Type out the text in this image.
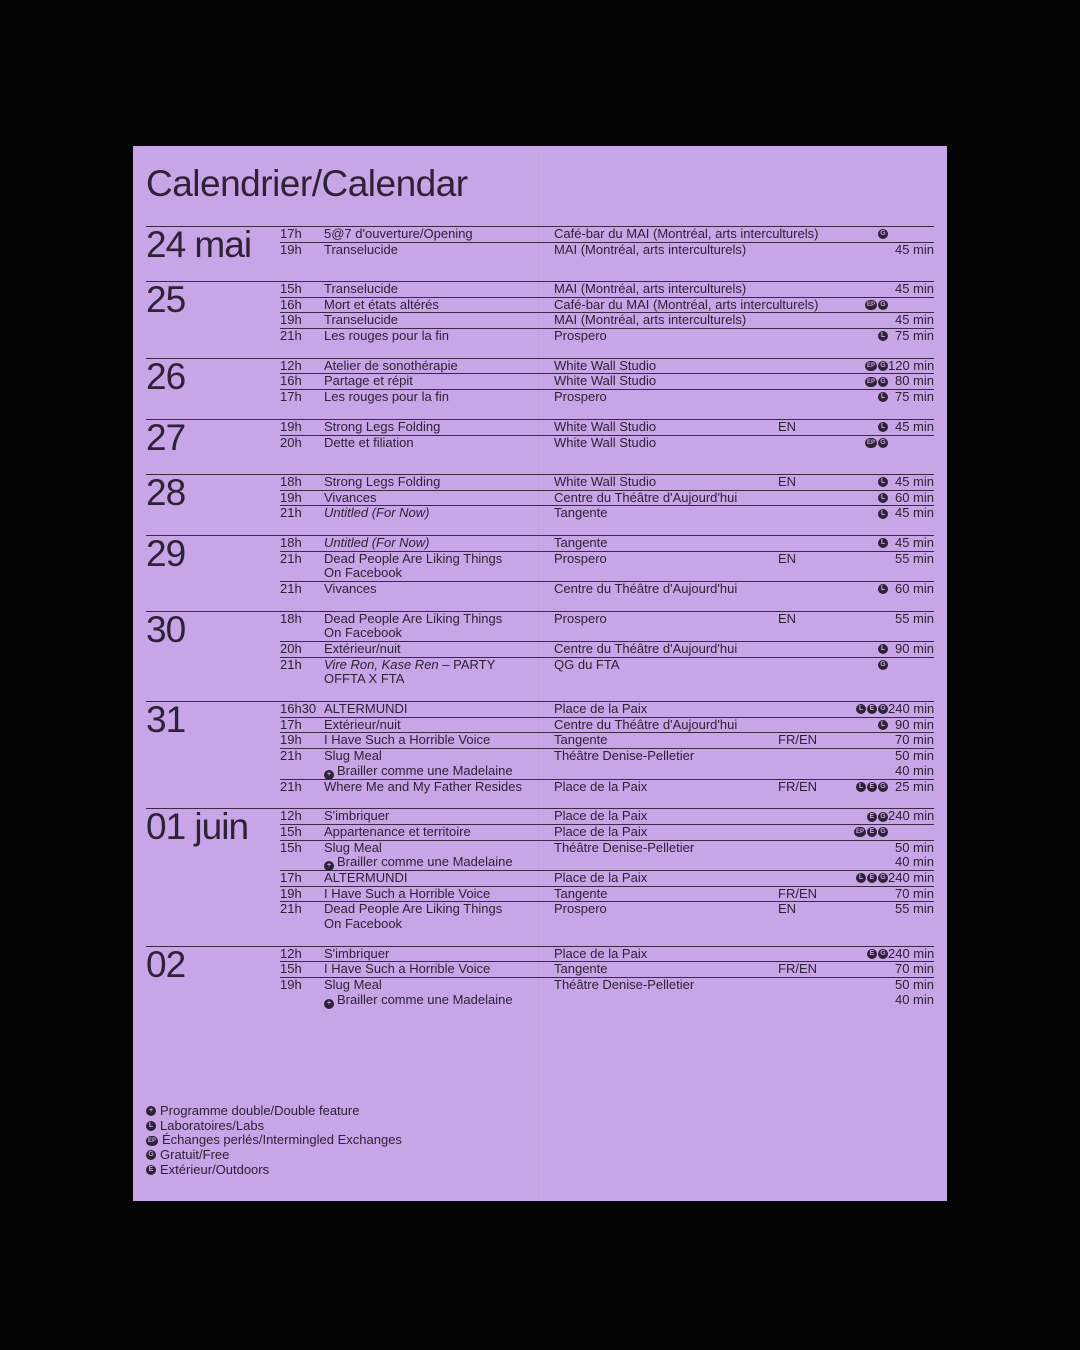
Calendrier/Calendar
24 mai 17h	5@7 d'ouverture/Opening	Café-bar du MAI (Montréal, arts interculturels)	G
19h	Transelucide	MAI (Montréal, arts interculturels)	45 min
25	15h	Transelucide	MAI (Montréal, arts interculturels)	45 min
16h	Mort et états altérés	Café-bar du MAI (Montréal, arts interculturels)	EP G
19h	Transelucide	MAI (Montréal, arts interculturels)	45 min
21h	Les rouges pour la fin	Prospero	L 75 min
26	12h	Atelier de sonothérapie	White Wall Studio	EP G 120 min
16h	Partage et répit	White Wall Studio	EP G 80 min
17h	Les rouges pour la fin	Prospero	L 75 min
27	19h	Strong Legs Folding	White Wall Studio	EN	L 45 min
20h	Dette et filiation	White Wall Studio	EP G
28	18h	Strong Legs Folding	White Wall Studio	EN	L 45 min
19h	Vivances	Centre du Théâtre d'Aujourd'hui	L 60 min
21h	Untitled (For Now)	Tangente	L 45 min
29	18h	Untitled (For Now)	Tangente	L 45 min
21h	Dead People Are Liking Things	Prospero	EN	55 min
On Facebook
21h	Vivances	Centre du Théâtre d'Aujourd'hui	L 60 min
30	18h	Dead People Are Liking Things	Prospero	EN	55 min
On Facebook
20h	Extérieur/nuit	Centre du Théâtre d'Aujourd'hui	L 90 min
21h	Vire Ron, Kase Ren – PARTY	QG du FTA	G
OFFTA X FTA
31	16h30 ALTERMUNDI	Place de la Paix	L E G 240 min
17h	Extérieur/nuit	Centre du Théâtre d'Aujourd'hui	L 90 min
19h	I Have Such a Horrible Voice	Tangente	FR/EN	70 min
21h	Slug Meal	Théâtre Denise-Pelletier	50 min
+ Brailler comme une Madelaine	40 min
21h	Where Me and My Father Resides	Place de la Paix	FR/EN	L E G 25 min
01 juin 12h	S'imbriquer	Place de la Paix	E G 240 min
15h	Appartenance et territoire	Place de la Paix	EP E G
15h	Slug Meal	Théâtre Denise-Pelletier	50 min
+ Brailler comme une Madelaine	40 min
17h	ALTERMUNDI	Place de la Paix	L E G 240 min
19h	I Have Such a Horrible Voice	Tangente	FR/EN	70 min
21h	Dead People Are Liking Things	Prospero	EN	55 min
On Facebook
02	12h	S'imbriquer	Place de la Paix	E G 240 min
15h	I Have Such a Horrible Voice	Tangente	FR/EN	70 min
19h	Slug Meal	Théâtre Denise-Pelletier	50 min
+ Brailler comme une Madelaine	40 min
+ Programme double/Double feature
L Laboratoires/Labs
EP Échanges perlés/Intermingled Exchanges
G Gratuit/Free
E Extérieur/Outdoors
